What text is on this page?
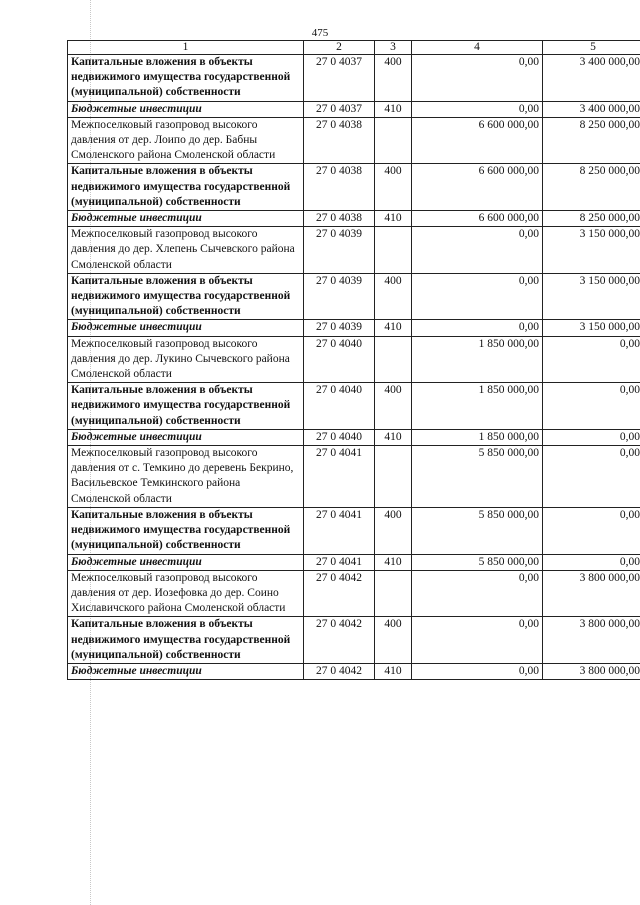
475
1	2	3	4	5
Капитальные вложения в объекты недвижимого имущества государственной (муниципальной) собственности	27 0 4037	400	0,00	3 400 000,00
Бюджетные инвестиции	27 0 4037	410	0,00	3 400 000,00
Межпоселковый газопровод высокого давления от дер. Лоипо до дер. Бабны Смоленского района Смоленской области	27 0 4038		6 600 000,00	8 250 000,00
Капитальные вложения в объекты недвижимого имущества государственной (муниципальной) собственности	27 0 4038	400	6 600 000,00	8 250 000,00
Бюджетные инвестиции	27 0 4038	410	6 600 000,00	8 250 000,00
Межпоселковый газопровод высокого давления до дер. Хлепень Сычевского района Смоленской области	27 0 4039		0,00	3 150 000,00
Капитальные вложения в объекты недвижимого имущества государственной (муниципальной) собственности	27 0 4039	400	0,00	3 150 000,00
Бюджетные инвестиции	27 0 4039	410	0,00	3 150 000,00
Межпоселковый газопровод высокого давления до дер. Лукино Сычевского района Смоленской области	27 0 4040		1 850 000,00	0,00
Капитальные вложения в объекты недвижимого имущества государственной (муниципальной) собственности	27 0 4040	400	1 850 000,00	0,00
Бюджетные инвестиции	27 0 4040	410	1 850 000,00	0,00
Межпоселковый газопровод высокого давления от с. Темкино до деревень Бекрино, Васильевское Темкинского района Смоленской области	27 0 4041		5 850 000,00	0,00
Капитальные вложения в объекты недвижимого имущества государственной (муниципальной) собственности	27 0 4041	400	5 850 000,00	0,00
Бюджетные инвестиции	27 0 4041	410	5 850 000,00	0,00
Межпоселковый газопровод высокого давления от дер. Иозефовка до дер. Соино Хиславичского района Смоленской области	27 0 4042		0,00	3 800 000,00
Капитальные вложения в объекты недвижимого имущества государственной (муниципальной) собственности	27 0 4042	400	0,00	3 800 000,00
Бюджетные инвестиции	27 0 4042	410	0,00	3 800 000,00
